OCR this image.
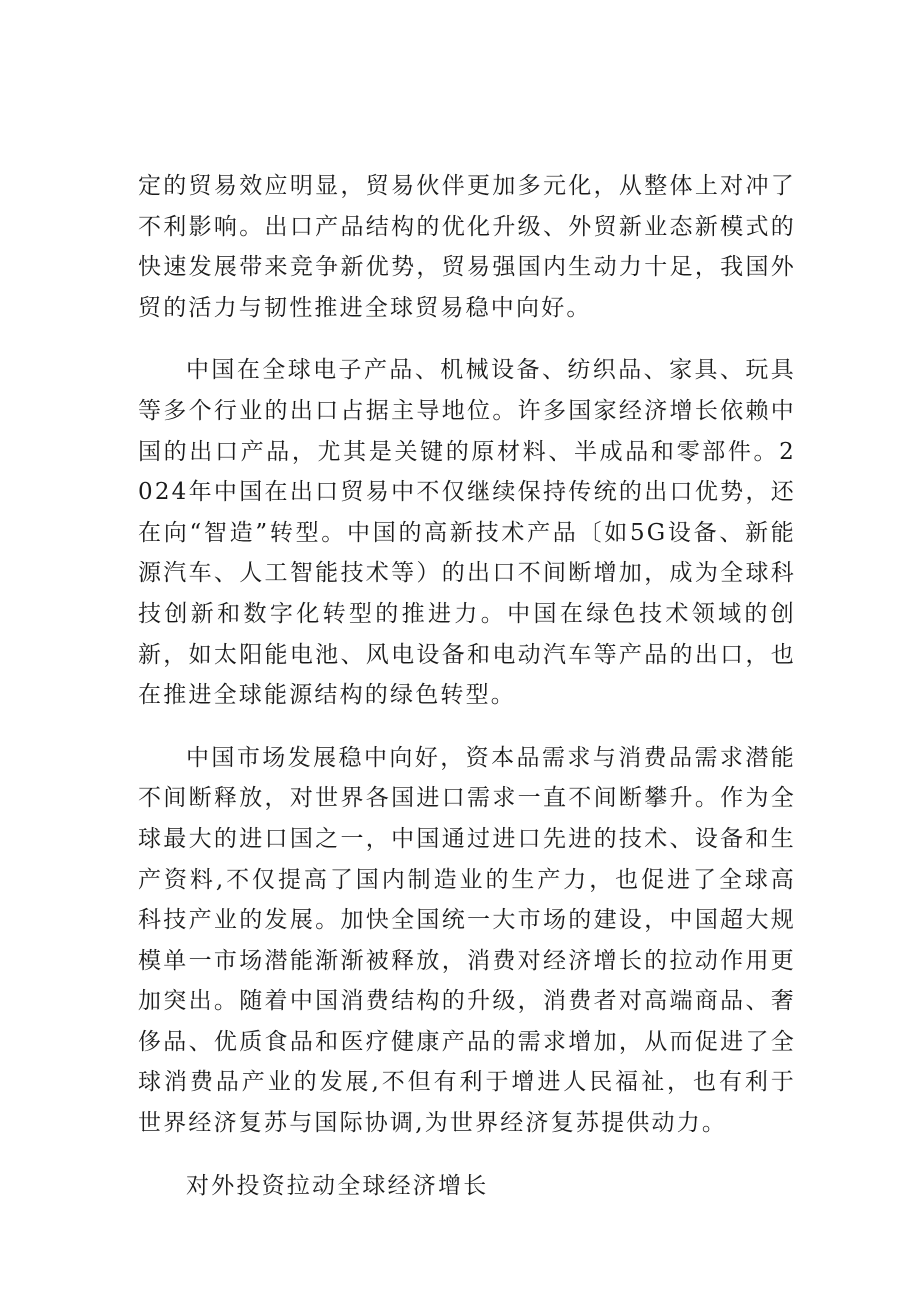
定的贸易效应明显，贸易伙伴更加多元化，从整体上对冲了不利影响。出口产品结构的优化升级、外贸新业态新模式的快速发展带来竞争新优势，贸易强国内生动力十足，我国外贸的活力与韧性推进全球贸易稳中向好。

中国在全球电子产品、机械设备、纺织品、家具、玩具等多个行业的出口占据主导地位。许多国家经济增长依赖中国的出口产品，尤其是关键的原材料、半成品和零部件。2024年中国在出口贸易中不仅继续保持传统的出口优势，还在向“智造”转型。中国的高新技术产品〔如5G设备、新能源汽车、人工智能技术等）的出口不间断增加，成为全球科技创新和数字化转型的推进力。中国在绿色技术领域的创新，如太阳能电池、风电设备和电动汽车等产品的出口，也在推进全球能源结构的绿色转型。

中国市场发展稳中向好，资本品需求与消费品需求潜能不间断释放，对世界各国进口需求一直不间断攀升。作为全球最大的进口国之一，中国通过进口先进的技术、设备和生产资料,不仅提高了国内制造业的生产力，也促进了全球高科技产业的发展。加快全国统一大市场的建设，中国超大规模单一市场潜能渐渐被释放，消费对经济增长的拉动作用更加突出。随着中国消费结构的升级，消费者对高端商品、奢侈品、优质食品和医疗健康产品的需求增加，从而促进了全球消费品产业的发展,不但有利于增进人民福祉，也有利于世界经济复苏与国际协调,为世界经济复苏提供动力。

对外投资拉动全球经济增长
